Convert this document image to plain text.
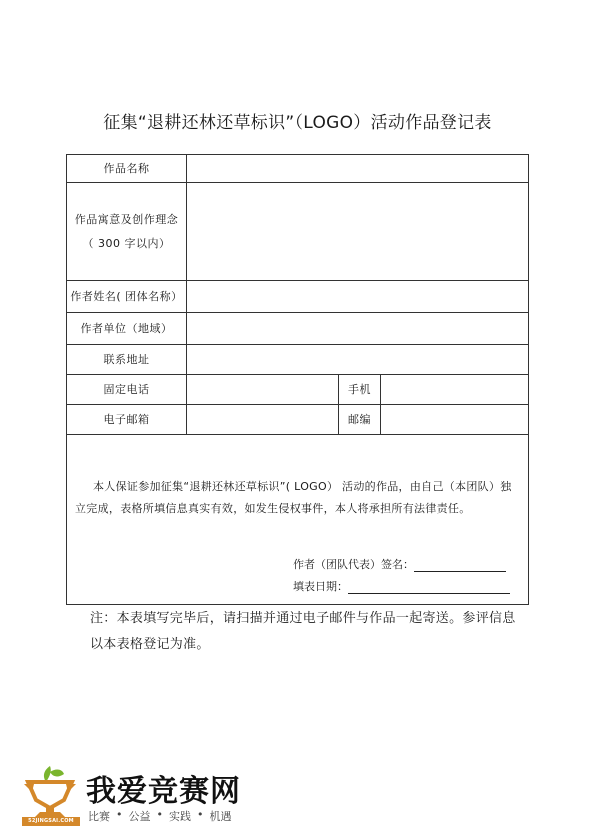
征集“退耕还林还草标识”（LOGO）活动作品登记表
作品名称			

作品寓意及创作理念
（ 300 字以内）			

作者姓名( 团体名称）			
作者单位（地域）			
联系地址			
固定电话		手机	
电子邮箱		邮编	

本人保证参加征集“退耕还林还草标识”( LOGO） 活动的作品，由自己（本团队）独立完成，表格所填信息真实有效，如发生侵权事件，本人将承担所有法律责任。
作者（团队代表）签名：
填表日期：			
注：本表填写完毕后，请扫描并通过电子邮件与作品一起寄送。参评信息以本表格登记为准。
52JINGSAI.COM
我爱竞赛网
比赛 • 公益 • 实践 • 机遇
